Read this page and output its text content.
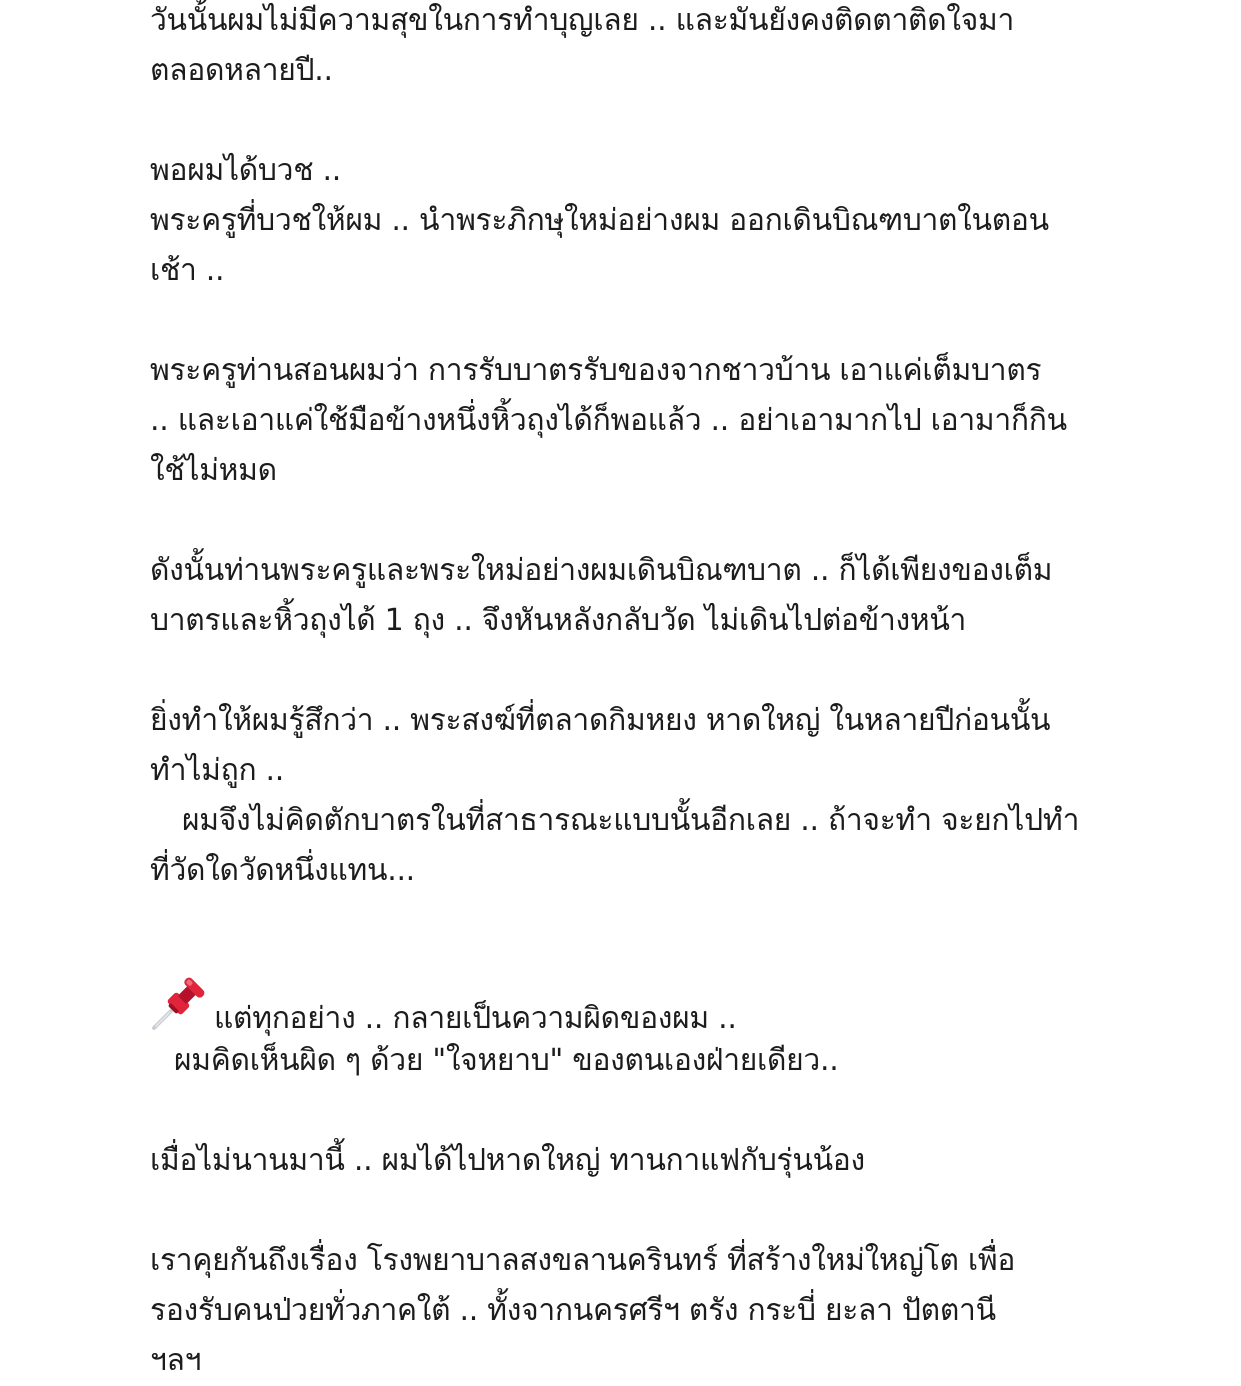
วันนั้นผมไม่มีความสุขในการทำบุญเลย .. และมันยังคงติดตาติดใจมา
ตลอดหลายปี..
พอผมได้บวช ..
พระครูที่บวชให้ผม .. นำพระภิกษุใหม่อย่างผม ออกเดินบิณฑบาตในตอน
เช้า ..
พระครูท่านสอนผมว่า การรับบาตรรับของจากชาวบ้าน เอาแค่เต็มบาตร
.. และเอาแค่ใช้มือข้างหนึ่งหิ้วถุงได้ก็พอแล้ว .. อย่าเอามากไป เอามาก็กิน
ใช้ไม่หมด
ดังนั้นท่านพระครูและพระใหม่อย่างผมเดินบิณฑบาต .. ก็ได้เพียงของเต็ม
บาตรและหิ้วถุงได้ 1 ถุง .. จึงหันหลังกลับวัด ไม่เดินไปต่อข้างหน้า
ยิ่งทำให้ผมรู้สึกว่า .. พระสงฆ์ที่ตลาดกิมหยง หาดใหญ่ ในหลายปีก่อนนั้น
ทำไม่ถูก ..
ผมจึงไม่คิดตักบาตรในที่สาธารณะแบบนั้นอีกเลย .. ถ้าจะทำ จะยกไปทำ
ที่วัดใดวัดหนึ่งแทน...
แต่ทุกอย่าง .. กลายเป็นความผิดของผม ..
ผมคิดเห็นผิด ๆ ด้วย "ใจหยาบ" ของตนเองฝ่ายเดียว..
เมื่อไม่นานมานี้ .. ผมได้ไปหาดใหญ่ ทานกาแฟกับรุ่นน้อง
เราคุยกันถึงเรื่อง โรงพยาบาลสงขลานครินทร์ ที่สร้างใหม่ใหญ่โต เพื่อ
รองรับคนป่วยทั่วภาคใต้ .. ทั้งจากนครศรีฯ ตรัง กระบี่ ยะลา ปัตตานี
ฯลฯ
